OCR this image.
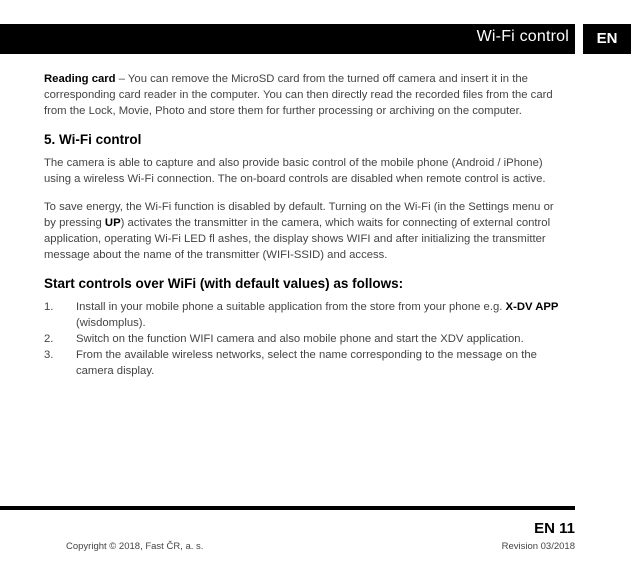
Wi-Fi control	EN

Reading card – You can remove the MicroSD card from the turned off camera and insert it in the corresponding card reader in the computer. You can then directly read the recorded files from the card from the Lock, Movie, Photo and store them for further processing or archiving on the computer.

5. Wi-Fi control

The camera is able to capture and also provide basic control of the mobile phone (Android / iPhone) using a wireless Wi-Fi connection. The on-board controls are disabled when remote control is active.

To save energy, the Wi-Fi function is disabled by default. Turning on the Wi-Fi (in the Settings menu or by pressing UP) activates the transmitter in the camera, which waits for connecting of external control application, operating Wi-Fi LED fl ashes, the display shows WIFI and after initializing the transmitter message about the name of the transmitter (WIFI-SSID) and access.

Start controls over WiFi (with default values) as follows:
1. Install in your mobile phone a suitable application from the store from your phone e.g. X-DV APP (wisdomplus).
2. Switch on the function WIFI camera and also mobile phone and start the XDV application.
3. From the available wireless networks, select the name corresponding to the message on the camera display.
EN 11
Copyright © 2018, Fast ČR, a. s.	Revision 03/2018
